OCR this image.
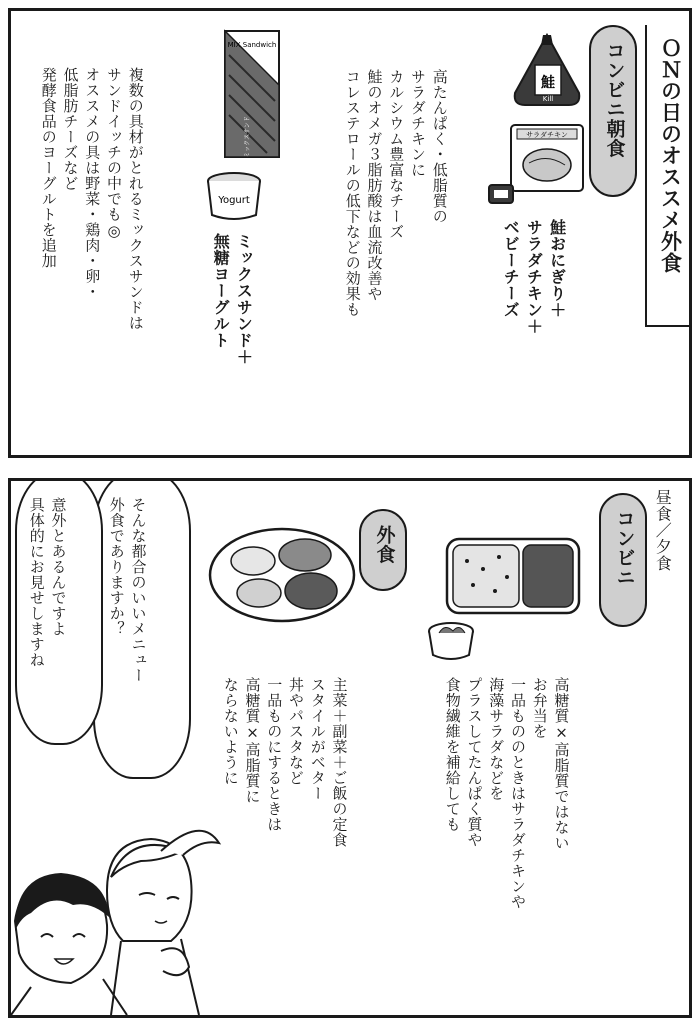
ＯＮの日のオススメ外食
コンビニ朝食
鮭
Kill
サラダチキン
鮭おにぎり＋
サラダチキン＋
ベビーチーズ
高たんぱく・低脂質の
サラダチキンに
カルシウム豊富なチーズ
鮭のオメガ３脂肪酸は血流改善や
コレステロールの低下などの効果も
MIX Sandwich
ミックスサンド
Yogurt
ミックスサンド＋
無糖ヨーグルト
複数の具材がとれるミックスサンドは
サンドイッチの中でも◎
オススメの具は野菜・鶏肉・卵・
低脂肪チーズなど
発酵食品のヨーグルトを追加
昼食／夕食
コンビニ
高糖質×高脂質ではない
お弁当を
一品もののときはサラダチキンや
海藻サラダなどを
プラスしてたんぱく質や
食物繊維を補給しても
外食
主菜＋副菜＋ご飯の定食
スタイルがベター
丼やパスタなど
一品ものにするときは
高糖質×高脂質に
ならないように
そんな都合のいいメニュー
外食でありますか？
意外とあるんですよ
具体的にお見せしますね
